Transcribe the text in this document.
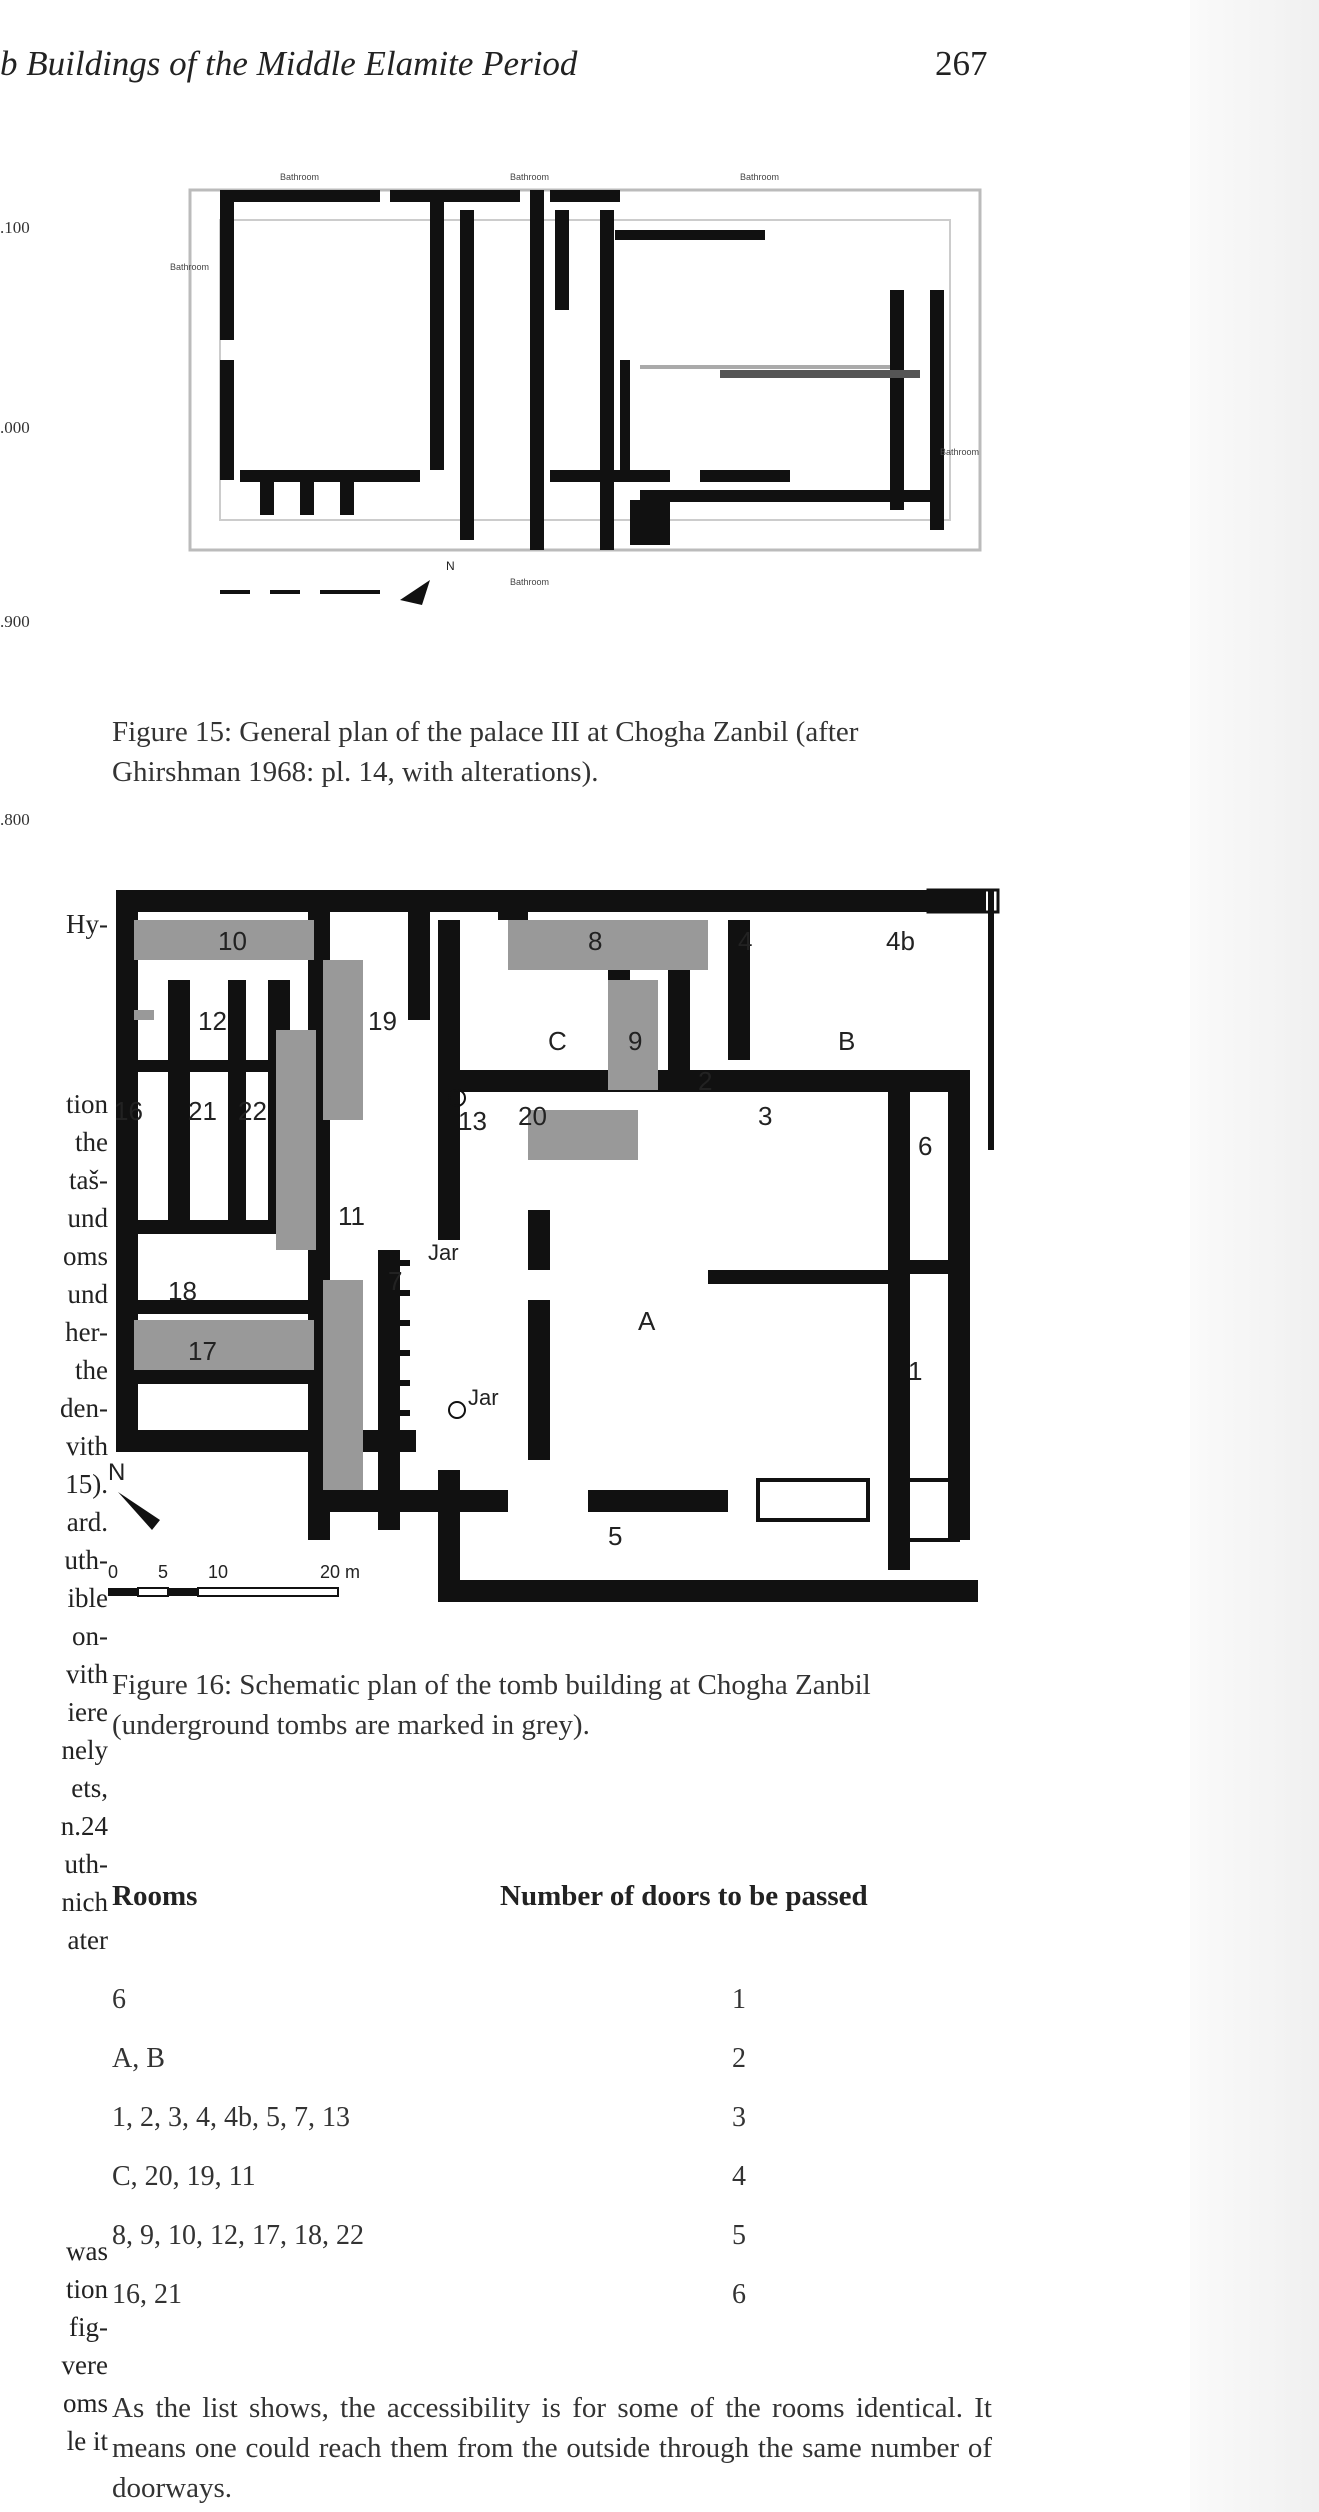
b Buildings of the Middle Elamite Period	267
.100
.000
.900
.800
Hy-
tion
the
taš-
und
oms
und
her-
the
den-
vith
15).
ard.
uth-
ible
on-
vith
iere
nely
ets,
n.24
uth-
nich
ater
was
tion
fig-
vere
oms
le it
Bathroom	Bathroom	Bathroom
Bathroom
Bathroom
Bathroom
N
Figure 15: General plan of the palace III at Chogha Zanbil (after Ghirshman 1968: pl. 14, with alterations).
10	8	4	4b
12	19
C 9	B
2
16 21 22	13 20	3
6
11
Jar
7
18
A
17
Jar
1
5
N
0 5 10	20 m
Figure 16: Schematic plan of the tomb building at Chogha Zanbil (underground tombs are marked in grey).
Rooms	Number of doors to be passed
6	1
A, B	2
1, 2, 3, 4, 4b, 5, 7, 13	3
C, 20, 19, 11	4
8, 9, 10, 12, 17, 18, 22	5
16, 21	6
As the list shows, the accessibility is for some of the rooms identical. It means one could reach them from the outside through the same number of doorways.
